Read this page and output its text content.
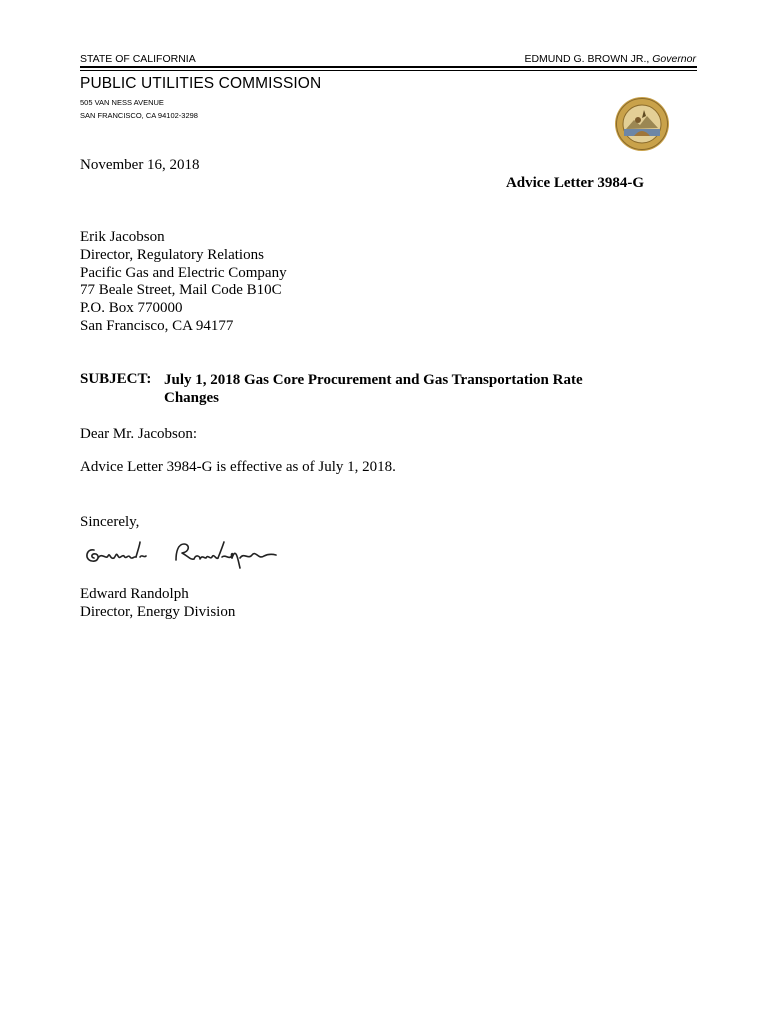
STATE OF CALIFORNIA	EDMUND G. BROWN JR., Governor
PUBLIC UTILITIES COMMISSION
505 VAN NESS AVENUE
SAN FRANCISCO, CA 94102-3298
November 16, 2018
Advice Letter 3984-G
Erik Jacobson
Director, Regulatory Relations
Pacific Gas and Electric Company
77 Beale Street, Mail Code B10C
P.O. Box 770000
San Francisco, CA 94177
SUBJECT: July 1, 2018 Gas Core Procurement and Gas Transportation Rate Changes
Dear Mr. Jacobson:
Advice Letter 3984-G is effective as of July 1, 2018.
Sincerely,
Edward Randolph
Director, Energy Division
